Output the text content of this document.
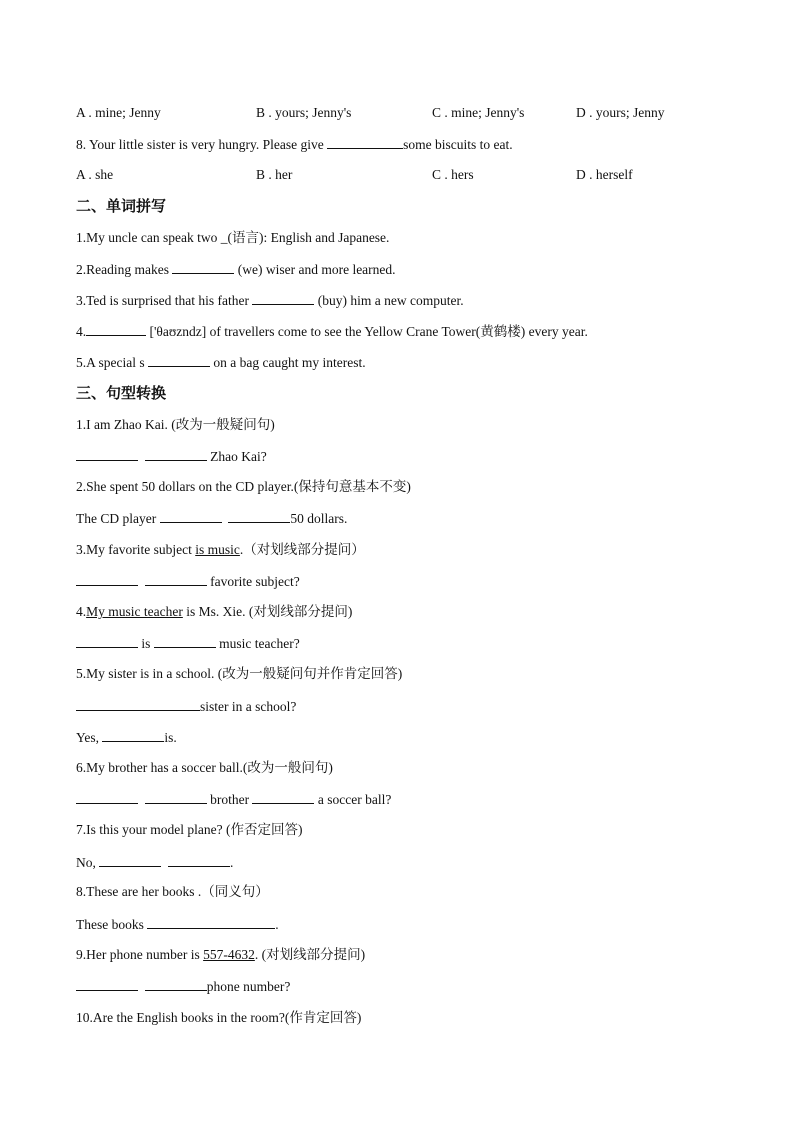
A . mine; Jenny	B . yours; Jenny's	C . mine; Jenny's	D . yours; Jenny
8. Your little sister is very hungry. Please give	some biscuits to eat.
A . she	B . her	C . hers	D . herself
二、单词拼写
1.My uncle can speak two _(语言): English and Japanese.
2.Reading makes	(we) wiser and more learned.
3.Ted is surprised that his father	(buy) him a new computer.
4.	['θaʊzndz] of travellers come to see the Yellow Crane Tower(黄鹤楼) every year.
5.A special s	on a bag caught my interest.
三、句型转换
1.I am Zhao Kai. (改为一般疑问句)
Zhao Kai?
2.She spent 50 dollars on the CD player.(保持句意基本不变)
The CD player	50 dollars.
3.My favorite subject is music.（对划线部分提问）
favorite subject?
4.My music teacher is Ms. Xie. (对划线部分提问)
is	music teacher?
5.My sister is in a school. (改为一般疑问句并作肯定回答)
sister in a school?
Yes,	is.
6.My brother has a soccer ball.(改为一般问句)
brother	a soccer ball?
7.Is this your model plane? (作否定回答)
No,	.
8.These are her books .（同义句）
These books	.
9.Her phone number is 557-4632. (对划线部分提问)
phone number?
10.Are the English books in the room?(作肯定回答)
